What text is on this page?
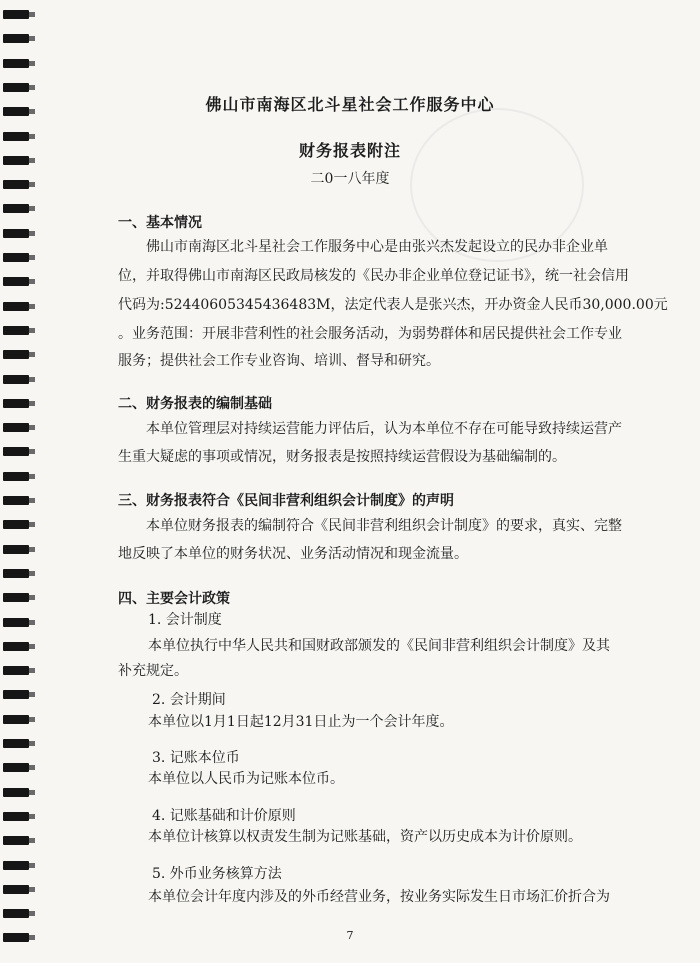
佛山市南海区北斗星社会工作服务中心
财务报表附注
二0一八年度
一、基本情况
佛山市南海区北斗星社会工作服务中心是由张兴杰发起设立的民办非企业单
位，并取得佛山市南海区民政局核发的《民办非企业单位登记证书》，统一社会信用
代码为:52440605345436483M，法定代表人是张兴杰，开办资金人民币30,000.00元
。业务范围：开展非营利性的社会服务活动，为弱势群体和居民提供社会工作专业
服务；提供社会工作专业咨询、培训、督导和研究。
二、财务报表的编制基础
本单位管理层对持续运营能力评估后，认为本单位不存在可能导致持续运营产
生重大疑虑的事项或情况，财务报表是按照持续运营假设为基础编制的。
三、财务报表符合《民间非营利组织会计制度》的声明
本单位财务报表的编制符合《民间非营利组织会计制度》的要求，真实、完整
地反映了本单位的财务状况、业务活动情况和现金流量。
四、主要会计政策
1. 会计制度
本单位执行中华人民共和国财政部颁发的《民间非营利组织会计制度》及其
补充规定。
2. 会计期间
本单位以1月1日起12月31日止为一个会计年度。
3. 记账本位币
本单位以人民币为记账本位币。
4. 记账基础和计价原则
本单位计核算以权责发生制为记账基础，资产以历史成本为计价原则。
5. 外币业务核算方法
本单位会计年度内涉及的外币经营业务，按业务实际发生日市场汇价折合为
7
